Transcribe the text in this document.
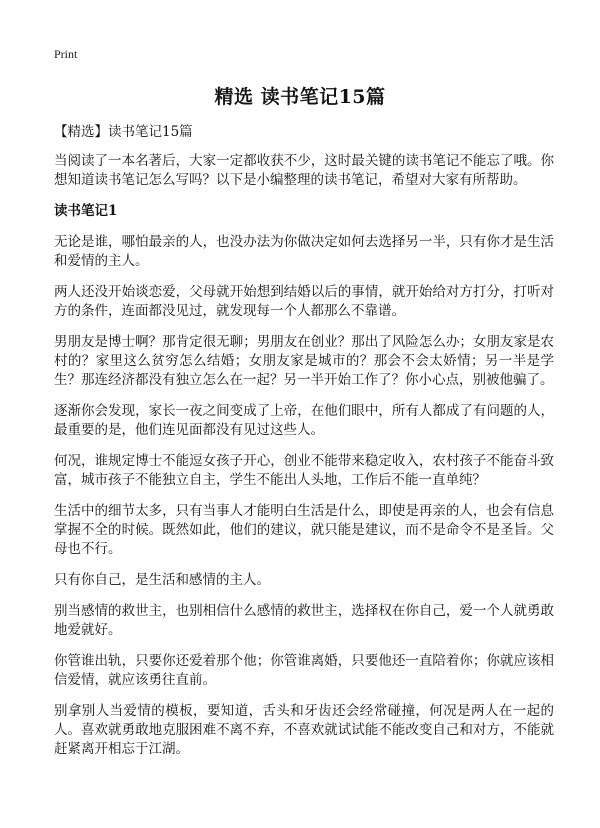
Print
精选 读书笔记15篇
【精选】读书笔记15篇

当阅读了一本名著后，大家一定都收获不少，这时最关键的读书笔记不能忘了哦。你想知道读书笔记怎么写吗？以下是小编整理的读书笔记，希望对大家有所帮助。

读书笔记1

无论是谁，哪怕最亲的人，也没办法为你做决定如何去选择另一半，只有你才是生活和爱情的主人。

两人还没开始谈恋爱，父母就开始想到结婚以后的事情，就开始给对方打分，打听对方的条件，连面都没见过，就发现每一个人都那么不靠谱。

男朋友是博士啊？那肯定很无聊；男朋友在创业？那出了风险怎么办；女朋友家是农村的？家里这么贫穷怎么结婚；女朋友家是城市的？那会不会太娇情；另一半是学生？那连经济都没有独立怎么在一起？另一半开始工作了？你小心点，别被他骗了。

逐渐你会发现，家长一夜之间变成了上帝，在他们眼中，所有人都成了有问题的人，最重要的是，他们连见面都没有见过这些人。

何况，谁规定博士不能逗女孩子开心，创业不能带来稳定收入，农村孩子不能奋斗致富，城市孩子不能独立自主，学生不能出人头地，工作后不能一直单纯？

生活中的细节太多，只有当事人才能明白生活是什么，即使是再亲的人，也会有信息掌握不全的时候。既然如此，他们的建议，就只能是建议，而不是命令不是圣旨。父母也不行。

只有你自己，是生活和感情的主人。

别当感情的救世主，也别相信什么感情的救世主，选择权在你自己，爱一个人就勇敢地爱就好。

你管谁出轨，只要你还爱着那个他；你管谁离婚，只要他还一直陪着你；你就应该相信爱情，就应该勇往直前。

别拿别人当爱情的模板，要知道，舌头和牙齿还会经常碰撞，何况是两人在一起的人。喜欢就勇敢地克服困难不离不弃，不喜欢就试试能不能改变自己和对方，不能就赶紧离开相忘于江湖。
